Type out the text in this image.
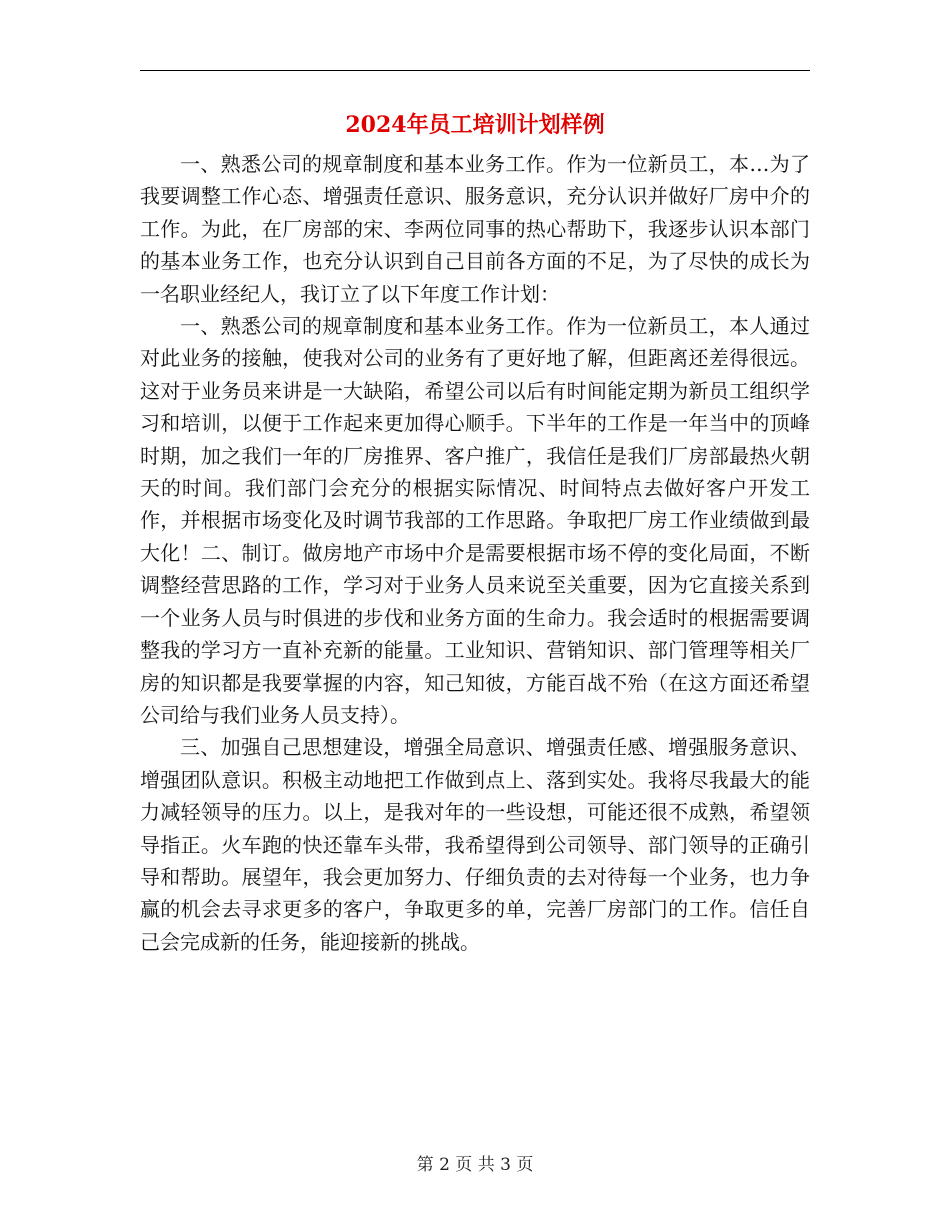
2024年员工培训计划样例

一、熟悉公司的规章制度和基本业务工作。作为一位新员工，本…为了我要调整工作心态、增强责任意识、服务意识，充分认识并做好厂房中介的工作。为此，在厂房部的宋、李两位同事的热心帮助下，我逐步认识本部门的基本业务工作，也充分认识到自己目前各方面的不足，为了尽快的成长为一名职业经纪人，我订立了以下年度工作计划：

一、熟悉公司的规章制度和基本业务工作。作为一位新员工，本人通过对此业务的接触，使我对公司的业务有了更好地了解，但距离还差得很远。这对于业务员来讲是一大缺陷，希望公司以后有时间能定期为新员工组织学习和培训，以便于工作起来更加得心顺手。下半年的工作是一年当中的顶峰时期，加之我们一年的厂房推界、客户推广，我信任是我们厂房部最热火朝天的时间。我们部门会充分的根据实际情况、时间特点去做好客户开发工作，并根据市场变化及时调节我部的工作思路。争取把厂房工作业绩做到最大化！二、制订。做房地产市场中介是需要根据市场不停的变化局面，不断调整经营思路的工作，学习对于业务人员来说至关重要，因为它直接关系到一个业务人员与时俱进的步伐和业务方面的生命力。我会适时的根据需要调整我的学习方一直补充新的能量。工业知识、营销知识、部门管理等相关厂房的知识都是我要掌握的内容，知己知彼，方能百战不殆（在这方面还希望公司给与我们业务人员支持）。

三、加强自己思想建设，增强全局意识、增强责任感、增强服务意识、增强团队意识。积极主动地把工作做到点上、落到实处。我将尽我最大的能力减轻领导的压力。以上，是我对年的一些设想，可能还很不成熟，希望领导指正。火车跑的快还靠车头带，我希望得到公司领导、部门领导的正确引导和帮助。展望年，我会更加努力、仔细负责的去对待每一个业务，也力争赢的机会去寻求更多的客户，争取更多的单，完善厂房部门的工作。信任自己会完成新的任务，能迎接新的挑战。

第 2 页 共 3 页
